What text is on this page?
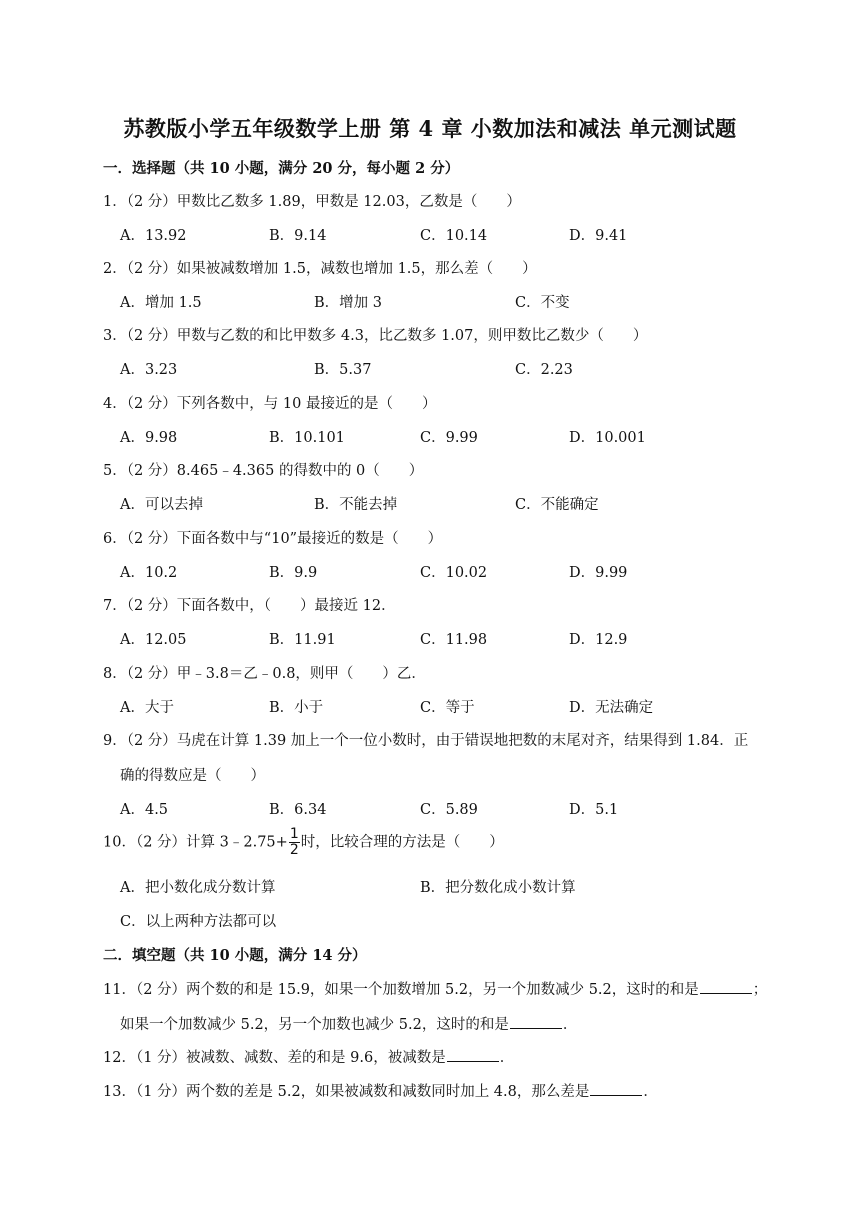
苏教版小学五年级数学上册 第 4 章 小数加法和减法 单元测试题
一．选择题（共 10 小题，满分 20 分，每小题 2 分）
1．（2 分）甲数比乙数多 1.89，甲数是 12.03，乙数是（　　）
A．13.92	B．9.14	C．10.14	D．9.41
2．（2 分）如果被减数增加 1.5，减数也增加 1.5，那么差（　　）
A．增加 1.5	B．增加 3	C．不变
3．（2 分）甲数与乙数的和比甲数多 4.3，比乙数多 1.07，则甲数比乙数少（　　）
A．3.23	B．5.37	C．2.23
4．（2 分）下列各数中，与 10 最接近的是（　　）
A．9.98	B．10.101	C．9.99	D．10.001
5．（2 分）8.465﹣4.365 的得数中的 0（　　）
A．可以去掉	B．不能去掉	C．不能确定
6．（2 分）下面各数中与“10”最接近的数是（　　）
A．10.2	B．9.9	C．10.02	D．9.99
7．（2 分）下面各数中，（　　）最接近 12．
A．12.05	B．11.91	C．11.98	D．12.9
8．（2 分）甲﹣3.8＝乙﹣0.8，则甲（　　）乙．
A．大于	B．小于	C．等于	D．无法确定
9．（2 分）马虎在计算 1.39 加上一个一位小数时，由于错误地把数的末尾对齐，结果得到 1.84．正
确的得数应是（　　）
A．4.5	B．6.34	C．5.89	D．5.1
10．（2 分）计算 3﹣2.75+ $\frac{1}{2}$ 时，比较合理的方法是（　　）
A．把小数化成分数计算	B．把分数化成小数计算
C．以上两种方法都可以
二．填空题（共 10 小题，满分 14 分）
11．（2 分）两个数的和是 15.9，如果一个加数增加 5.2，另一个加数减少 5.2，这时的和是	；
如果一个加数减少 5.2，另一个加数也减少 5.2，这时的和是	．
12．（1 分）被减数、减数、差的和是 9.6，被减数是	．
13．（1 分）两个数的差是 5.2，如果被减数和减数同时加上 4.8，那么差是	．
